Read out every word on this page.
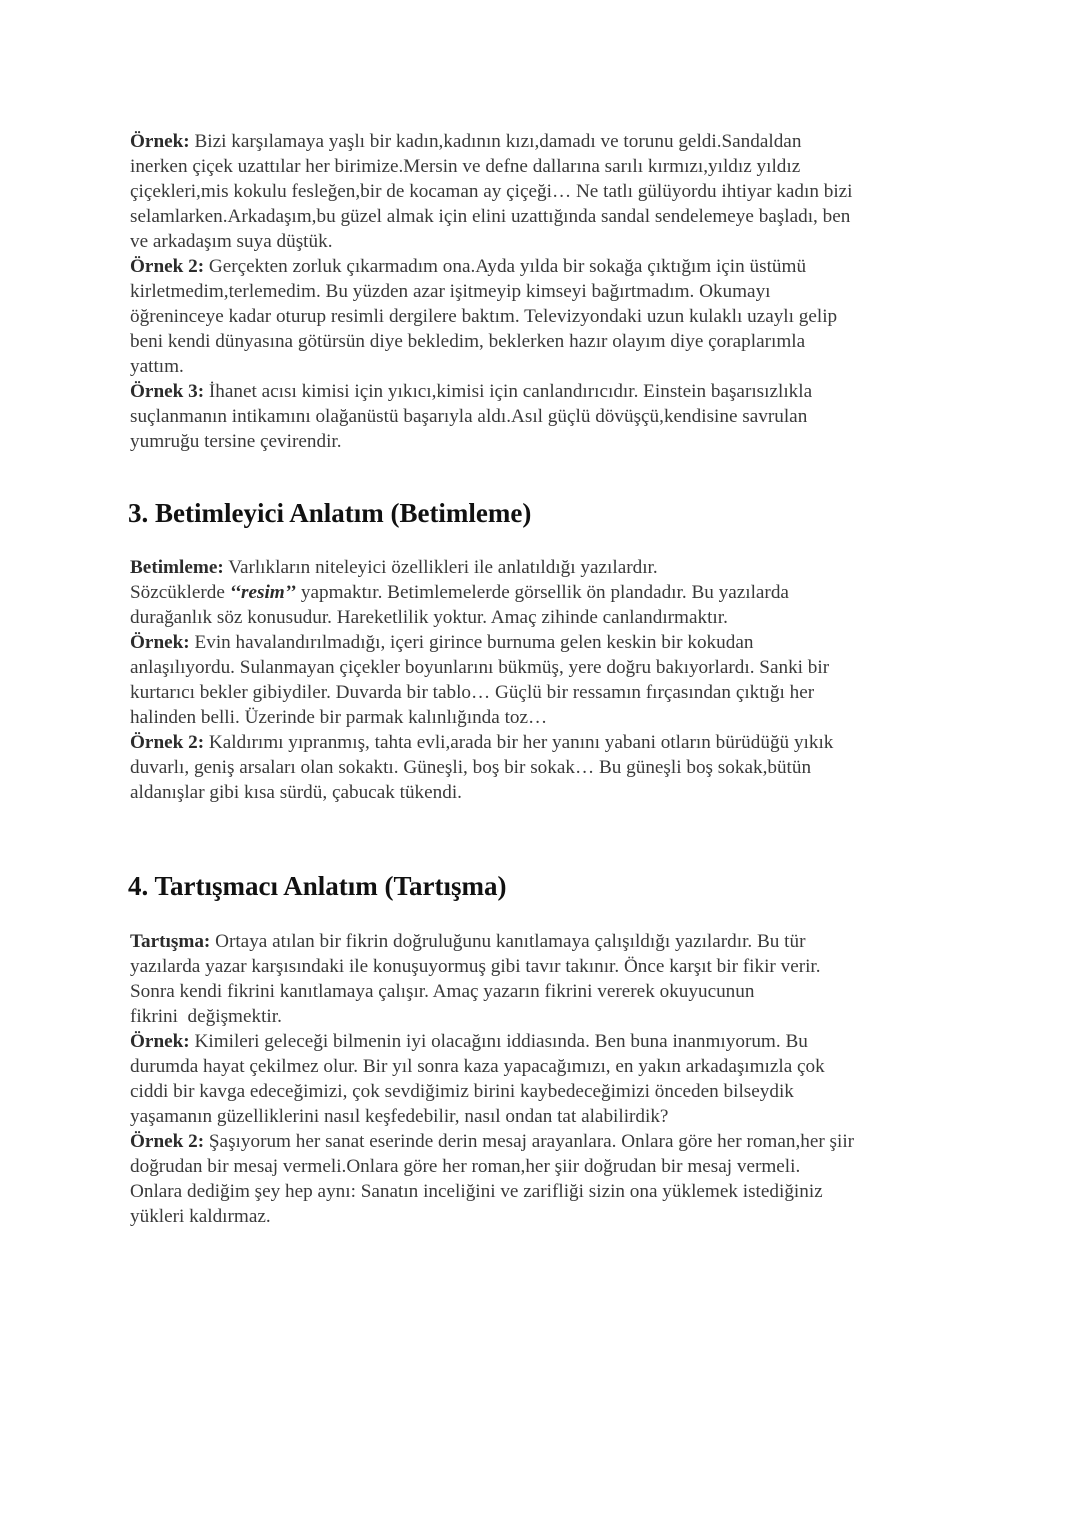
Örnek: Bizi karşılamaya yaşlı bir kadın,kadının kızı,damadı ve torunu geldi.Sandaldan

inerken çiçek uzattılar her birimize.Mersin ve defne dallarına sarılı kırmızı,yıldız yıldız

çiçekleri,mis kokulu fesleğen,bir de kocaman ay çiçeği… Ne tatlı gülüyordu ihtiyar kadın bizi

selamlarken.Arkadaşım,bu güzel almak için elini uzattığında sandal sendelemeye başladı, ben

ve arkadaşım suya düştük.

Örnek 2: Gerçekten zorluk çıkarmadım ona.Ayda yılda bir sokağa çıktığım için üstümü

kirletmedim,terlemedim. Bu yüzden azar işitmeyip kimseyi bağırtmadım. Okumayı

öğreninceye kadar oturup resimli dergilere baktım. Televizyondaki uzun kulaklı uzaylı gelip

beni kendi dünyasına götürsün diye bekledim, beklerken hazır olayım diye çoraplarımla

yattım.

Örnek 3: İhanet acısı kimisi için yıkıcı,kimisi için canlandırıcıdır. Einstein başarısızlıkla

suçlanmanın intikamını olağanüstü başarıyla aldı.Asıl güçlü dövüşçü,kendisine savrulan

yumruğu tersine çevirendir.

3. Betimleyici Anlatım (Betimleme)

Betimleme: Varlıkların niteleyici özellikleri ile anlatıldığı yazılardır.

Sözcüklerde ‘‘resim’’ yapmaktır. Betimlemelerde görsellik ön plandadır. Bu yazılarda

durağanlık söz konusudur. Hareketlilik yoktur. Amaç zihinde canlandırmaktır.

Örnek: Evin havalandırılmadığı, içeri girince burnuma gelen keskin bir kokudan

anlaşılıyordu. Sulanmayan çiçekler boyunlarını bükmüş, yere doğru bakıyorlardı. Sanki bir

kurtarıcı bekler gibiydiler. Duvarda bir tablo… Güçlü bir ressamın fırçasından çıktığı her

halinden belli. Üzerinde bir parmak kalınlığında toz…

Örnek 2: Kaldırımı yıpranmış, tahta evli,arada bir her yanını yabani otların bürüdüğü yıkık

duvarlı, geniş arsaları olan sokaktı. Güneşli, boş bir sokak… Bu güneşli boş sokak,bütün

aldanışlar gibi kısa sürdü, çabucak tükendi.

4. Tartışmacı Anlatım (Tartışma)

Tartışma: Ortaya atılan bir fikrin doğruluğunu kanıtlamaya çalışıldığı yazılardır. Bu tür

yazılarda yazar karşısındaki ile konuşuyormuş gibi tavır takınır. Önce karşıt bir fikir verir.

Sonra kendi fikrini kanıtlamaya çalışır. Amaç yazarın fikrini vererek okuyucunun

fikrini  değişmektir.

Örnek: Kimileri geleceği bilmenin iyi olacağını iddiasında. Ben buna inanmıyorum. Bu

durumda hayat çekilmez olur. Bir yıl sonra kaza yapacağımızı, en yakın arkadaşımızla çok

ciddi bir kavga edeceğimizi, çok sevdiğimiz birini kaybedeceğimizi önceden bilseydik

yaşamanın güzelliklerini nasıl keşfedebilir, nasıl ondan tat alabilirdik?

Örnek 2: Şaşıyorum her sanat eserinde derin mesaj arayanlara. Onlara göre her roman,her şiir

doğrudan bir mesaj vermeli.Onlara göre her roman,her şiir doğrudan bir mesaj vermeli.

Onlara dediğim şey hep aynı: Sanatın inceliğini ve zarifliği sizin ona yüklemek istediğiniz

yükleri kaldırmaz.
